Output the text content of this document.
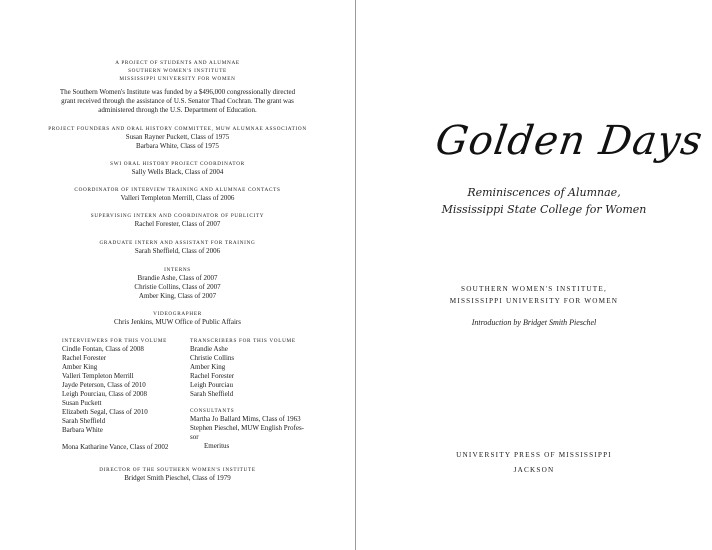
A PROJECT OF STUDENTS AND ALUMNAE
SOUTHERN WOMEN'S INSTITUTE
MISSISSIPPI UNIVERSITY FOR WOMEN
The Southern Women's Institute was funded by a $496,000 congressionally directed
grant received through the assistance of U.S. Senator Thad Cochran. The grant was
administered through the U.S. Department of Education.
PROJECT FOUNDERS AND ORAL HISTORY COMMITTEE, MUW ALUMNAE ASSOCIATION
Susan Rayner Puckett, Class of 1975
Barbara White, Class of 1975
SWI ORAL HISTORY PROJECT COORDINATOR
Sally Wells Black, Class of 2004
COORDINATOR OF INTERVIEW TRAINING AND ALUMNAE CONTACTS
Valleri Templeton Merrill, Class of 2006
SUPERVISING INTERN AND COORDINATOR OF PUBLICITY
Rachel Forester, Class of 2007
GRADUATE INTERN AND ASSISTANT FOR TRAINING
Sarah Sheffield, Class of 2006
INTERNS
Brandie Ashe, Class of 2007
Christie Collins, Class of 2007
Amber King, Class of 2007
VIDEOGRAPHER
Chris Jenkins, MUW Office of Public Affairs
INTERVIEWERS FOR THIS VOLUME
Cindle Fontan, Class of 2008
Rachel Forester
Amber King
Valleri Templeton Merrill
Jayde Peterson, Class of 2010
Leigh Pourciau, Class of 2008
Susan Puckett
Elizabeth Segal, Class of 2010
Sarah Sheffield
Barbara White
Mona Katharine Vance, Class of 2002
TRANSCRIBERS FOR THIS VOLUME
Brandie Ashe
Christie Collins
Amber King
Rachel Forester
Leigh Pourciau
Sarah Sheffield
CONSULTANTS
Martha Jo Ballard Mims, Class of 1963
Stephen Pieschel, MUW English Profes-
sor
Emeritus
DIRECTOR OF THE SOUTHERN WOMEN'S INSTITUTE
Bridget Smith Pieschel, Class of 1979
Golden Days
Reminiscences of Alumnae,
Mississippi State College for Women
SOUTHERN WOMEN'S INSTITUTE,
MISSISSIPPI UNIVERSITY FOR WOMEN
Introduction by Bridget Smith Pieschel
UNIVERSITY PRESS OF MISSISSIPPI
JACKSON
